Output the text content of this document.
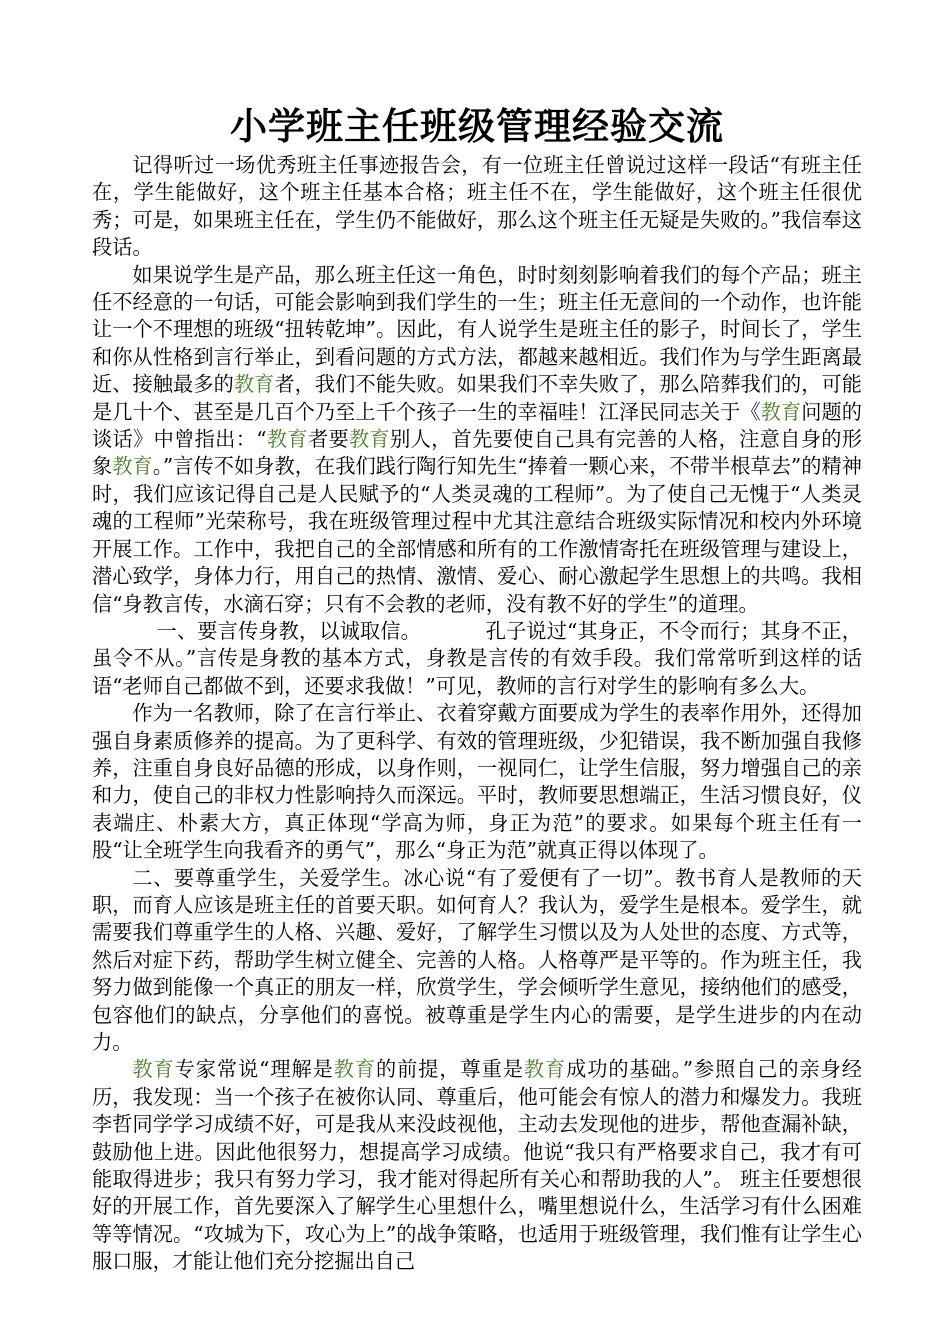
小学班主任班级管理经验交流

记得听过一场优秀班主任事迹报告会，有一位班主任曾说过这样一段话“有班主任在，学生能做好，这个班主任基本合格；班主任不在，学生能做好，这个班主任很优秀；可是，如果班主任在，学生仍不能做好，那么这个班主任无疑是失败的。”我信奉这段话。

如果说学生是产品，那么班主任这一角色，时时刻刻影响着我们的每个产品；班主任不经意的一句话，可能会影响到我们学生的一生；班主任无意间的一个动作，也许能让一个不理想的班级“扭转乾坤”。因此，有人说学生是班主任的影子，时间长了，学生和你从性格到言行举止，到看问题的方式方法，都越来越相近。我们作为与学生距离最近、接触最多的教育者，我们不能失败。如果我们不幸失败了，那么陪葬我们的，可能是几十个、甚至是几百个乃至上千个孩子一生的幸福哇！江泽民同志关于《教育问题的谈话》中曾指出：“教育者要教育别人，首先要使自己具有完善的人格，注意自身的形象教育。”言传不如身教，在我们践行陶行知先生“捧着一颗心来，不带半根草去”的精神时，我们应该记得自己是人民赋予的“人类灵魂的工程师”。为了使自己无愧于“人类灵魂的工程师”光荣称号，我在班级管理过程中尤其注意结合班级实际情况和校内外环境开展工作。工作中，我把自己的全部情感和所有的工作激情寄托在班级管理与建设上，潜心致学，身体力行，用自己的热情、激情、爱心、耐心激起学生思想上的共鸣。我相信“身教言传，水滴石穿；只有不会教的老师，没有教不好的学生”的道理。

一、要言传身教，以诚取信。	孔子说过“其身正，不令而行；其身不正，虽令不从。”言传是身教的基本方式，身教是言传的有效手段。我们常常听到这样的话语“老师自己都做不到，还要求我做！”可见，教师的言行对学生的影响有多么大。

作为一名教师，除了在言行举止、衣着穿戴方面要成为学生的表率作用外，还得加强自身素质修养的提高。为了更科学、有效的管理班级，少犯错误，我不断加强自我修养，注重自身良好品德的形成，以身作则，一视同仁，让学生信服，努力增强自己的亲和力，使自己的非权力性影响持久而深远。平时，教师要思想端正，生活习惯良好，仪表端庄、朴素大方，真正体现“学高为师，身正为范”的要求。如果每个班主任有一股“让全班学生向我看齐的勇气”，那么“身正为范”就真正得以体现了。

二、要尊重学生，关爱学生。冰心说“有了爱便有了一切”。教书育人是教师的天职，而育人应该是班主任的首要天职。如何育人？我认为，爱学生是根本。爱学生，就需要我们尊重学生的人格、兴趣、爱好，了解学生习惯以及为人处世的态度、方式等，然后对症下药，帮助学生树立健全、完善的人格。人格尊严是平等的。作为班主任，我努力做到能像一个真正的朋友一样，欣赏学生，学会倾听学生意见，接纳他们的感受，包容他们的缺点，分享他们的喜悦。被尊重是学生内心的需要，是学生进步的内在动力。

教育专家常说“理解是教育的前提，尊重是教育成功的基础。”参照自己的亲身经历，我发现：当一个孩子在被你认同、尊重后，他可能会有惊人的潜力和爆发力。我班李哲同学学习成绩不好，可是我从来没歧视他，主动去发现他的进步，帮他查漏补缺，鼓励他上进。因此他很努力，想提高学习成绩。他说“我只有严格要求自己，我才有可能取得进步；我只有努力学习，我才能对得起所有关心和帮助我的人”。 班主任要想很好的开展工作，首先要深入了解学生心里想什么，嘴里想说什么，生活学习有什么困难等等情况。“攻城为下，攻心为上”的战争策略，也适用于班级管理，我们惟有让学生心服口服，才能让他们充分挖掘出自己
